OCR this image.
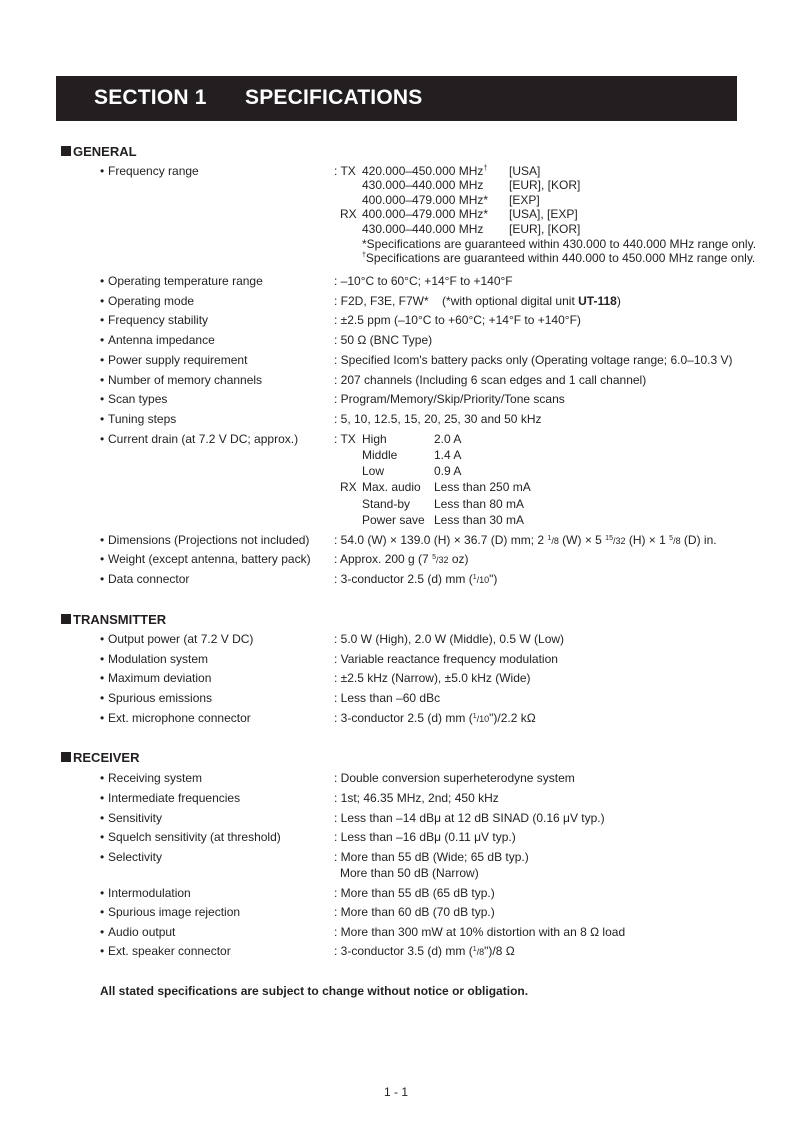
SECTION 1 SPECIFICATIONS
GENERAL
• Frequency range	: TX 420.000–450.000 MHz† [USA]
430.000–440.000 MHz [EUR], [KOR]
400.000–479.000 MHz* [EXP]
RX 400.000–479.000 MHz* [USA], [EXP]
430.000–440.000 MHz [EUR], [KOR]
*Specifications are guaranteed within 430.000 to 440.000 MHz range only.
†Specifications are guaranteed within 440.000 to 450.000 MHz range only.
• Operating temperature range	: –10°C to 60°C; +14°F to +140°F
• Operating mode	: F2D, F3E, F7W* (*with optional digital unit UT-118)
• Frequency stability	: ±2.5 ppm (–10°C to +60°C; +14°F to +140°F)
• Antenna impedance	: 50 Ω (BNC Type)
• Power supply requirement	: Specified Icom's battery packs only (Operating voltage range; 6.0–10.3 V)
• Number of memory channels	: 207 channels (Including 6 scan edges and 1 call channel)
• Scan types	: Program/Memory/Skip/Priority/Tone scans
• Tuning steps	: 5, 10, 12.5, 15, 20, 25, 30 and 50 kHz
• Current drain (at 7.2 V DC; approx.)	: TX High	2.0 A
Middle	1.4 A
Low	0.9 A
RX Max. audio Less than 250 mA
Stand-by Less than 80 mA
Power save Less than 30 mA
• Dimensions (Projections not included) : 54.0 (W) × 139.0 (H) × 36.7 (D) mm; 2 $^1$/8 (W) × 5 $^{15}$/32 (H) × 1 $^5$/8 (D) in.
• Weight (except antenna, battery pack) : Approx. 200 g (7 $^5$/32 oz)
• Data connector	: 3-conductor 2.5 (d) mm ($^1$/10")
TRANSMITTER
• Output power (at 7.2 V DC)	: 5.0 W (High), 2.0 W (Middle), 0.5 W (Low)
• Modulation system	: Variable reactance frequency modulation
• Maximum deviation	: ±2.5 kHz (Narrow), ±5.0 kHz (Wide)
• Spurious emissions	: Less than –60 dBc
• Ext. microphone connector	: 3-conductor 2.5 (d) mm ($^1$/10")/2.2 kΩ
RECEIVER
• Receiving system	: Double conversion superheterodyne system
• Intermediate frequencies	: 1st; 46.35 MHz, 2nd; 450 kHz
• Sensitivity	: Less than –14 dBμ at 12 dB SINAD (0.16 μV typ.)
• Squelch sensitivity (at threshold)	: Less than –16 dBμ (0.11 μV typ.)
• Selectivity	: More than 55 dB (Wide; 65 dB typ.)
More than 50 dB (Narrow)
• Intermodulation	: More than 55 dB (65 dB typ.)
• Spurious image rejection	: More than 60 dB (70 dB typ.)
• Audio output	: More than 300 mW at 10% distortion with an 8 Ω load
• Ext. speaker connector	: 3-conductor 3.5 (d) mm ($^1$/8")/8 Ω
All stated specifications are subject to change without notice or obligation.
1 - 1
